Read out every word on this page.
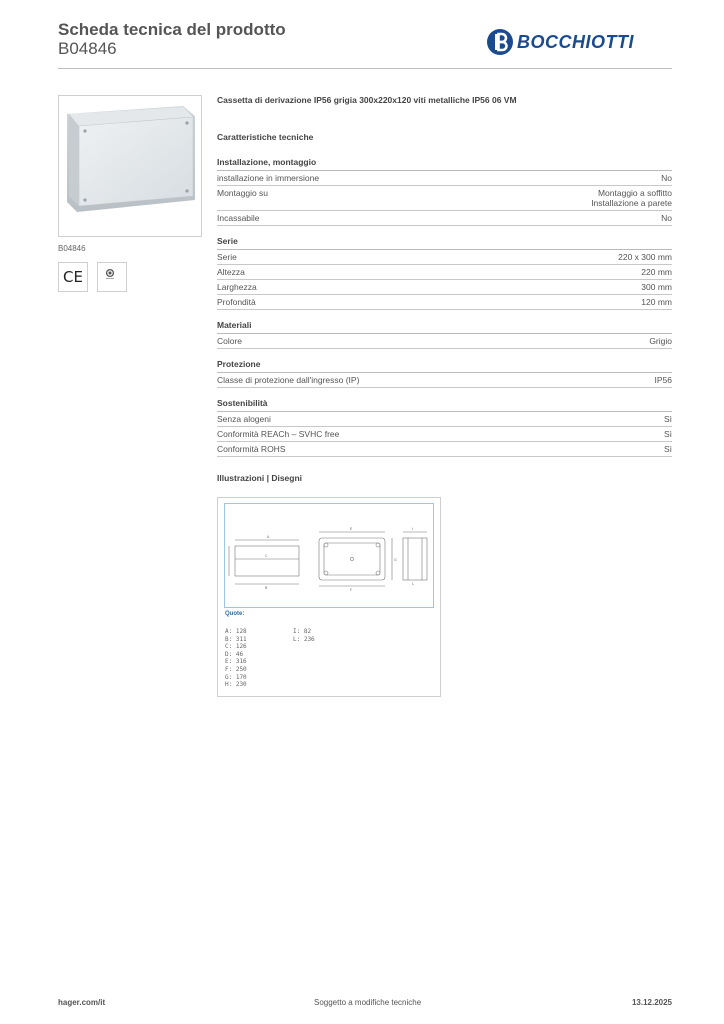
Scheda tecnica del prodotto
B04846	BOCCHIOTTI
B04846
CE
Cassetta di derivazione IP56 grigia 300x220x120 viti metalliche IP56 06 VM
Caratteristiche tecniche
Installazione, montaggio
installazione in immersione	No
Montaggio su	Montaggio a soffitto
Installazione a parete
Incassabile	No
Serie
Serie	220 x 300 mm
Altezza	220 mm
Larghezza	300 mm
Profondità	120 mm
Materiali
Colore	Grigio
Protezione
Classe di protezione dall'ingresso (IP)	IP56
Sostenibilità
Senza alogeni	Sì
Conformità REACh – SVHC free	Sì
Conformità ROHS	Sì
Illustrazioni | Disegni
A
C
B
E
F
G
I
L
Quote:
A: 128
B: 311
C: 126
D: 46
E: 316
F: 250
G: 170
H: 230
I: 82
L: 236
hager.com/it	Soggetto a modifiche tecniche	13.12.2025
